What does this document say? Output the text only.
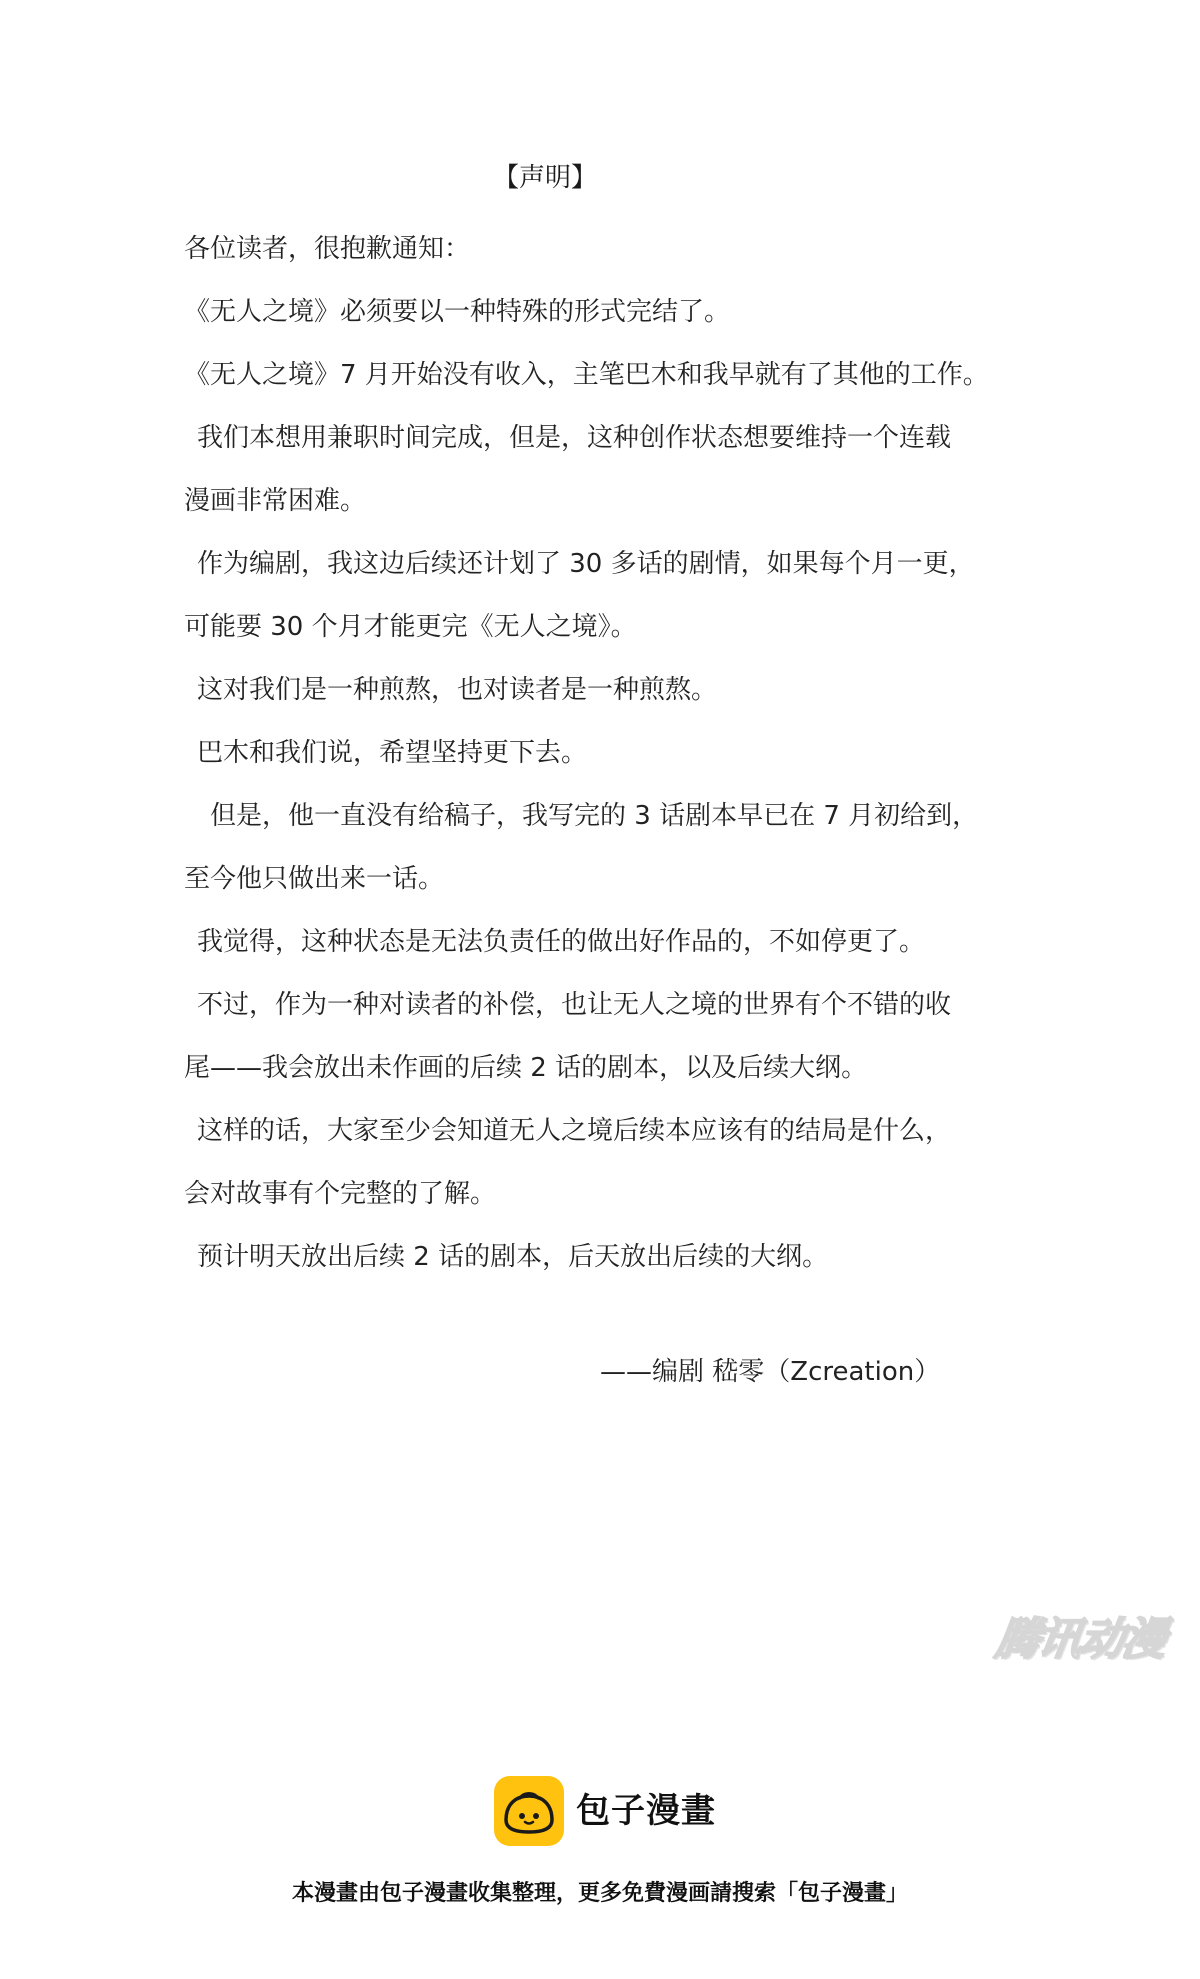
【声明】

各位读者，很抱歉通知：

《无人之境》必须要以一种特殊的形式完结了。

《无人之境》7 月开始没有收入，主笔巴木和我早就有了其他的工作。

我们本想用兼职时间完成，但是，这种创作状态想要维持一个连载

漫画非常困难。

作为编剧，我这边后续还计划了 30 多话的剧情，如果每个月一更，

可能要 30 个月才能更完《无人之境》。

这对我们是一种煎熬，也对读者是一种煎熬。

巴木和我们说，希望坚持更下去。

但是，他一直没有给稿子，我写完的 3 话剧本早已在 7 月初给到，

至今他只做出来一话。

我觉得，这种状态是无法负责任的做出好作品的，不如停更了。

不过，作为一种对读者的补偿，也让无人之境的世界有个不错的收

尾——我会放出未作画的后续 2 话的剧本，以及后续大纲。

这样的话，大家至少会知道无人之境后续本应该有的结局是什么，

会对故事有个完整的了解。

预计明天放出后续 2 话的剧本，后天放出后续的大纲。

——编剧 嵇零（Zcreation）
腾讯动漫
包子漫畫
本漫畫由包子漫畫收集整理，更多免費漫画請搜索「包子漫畫」
